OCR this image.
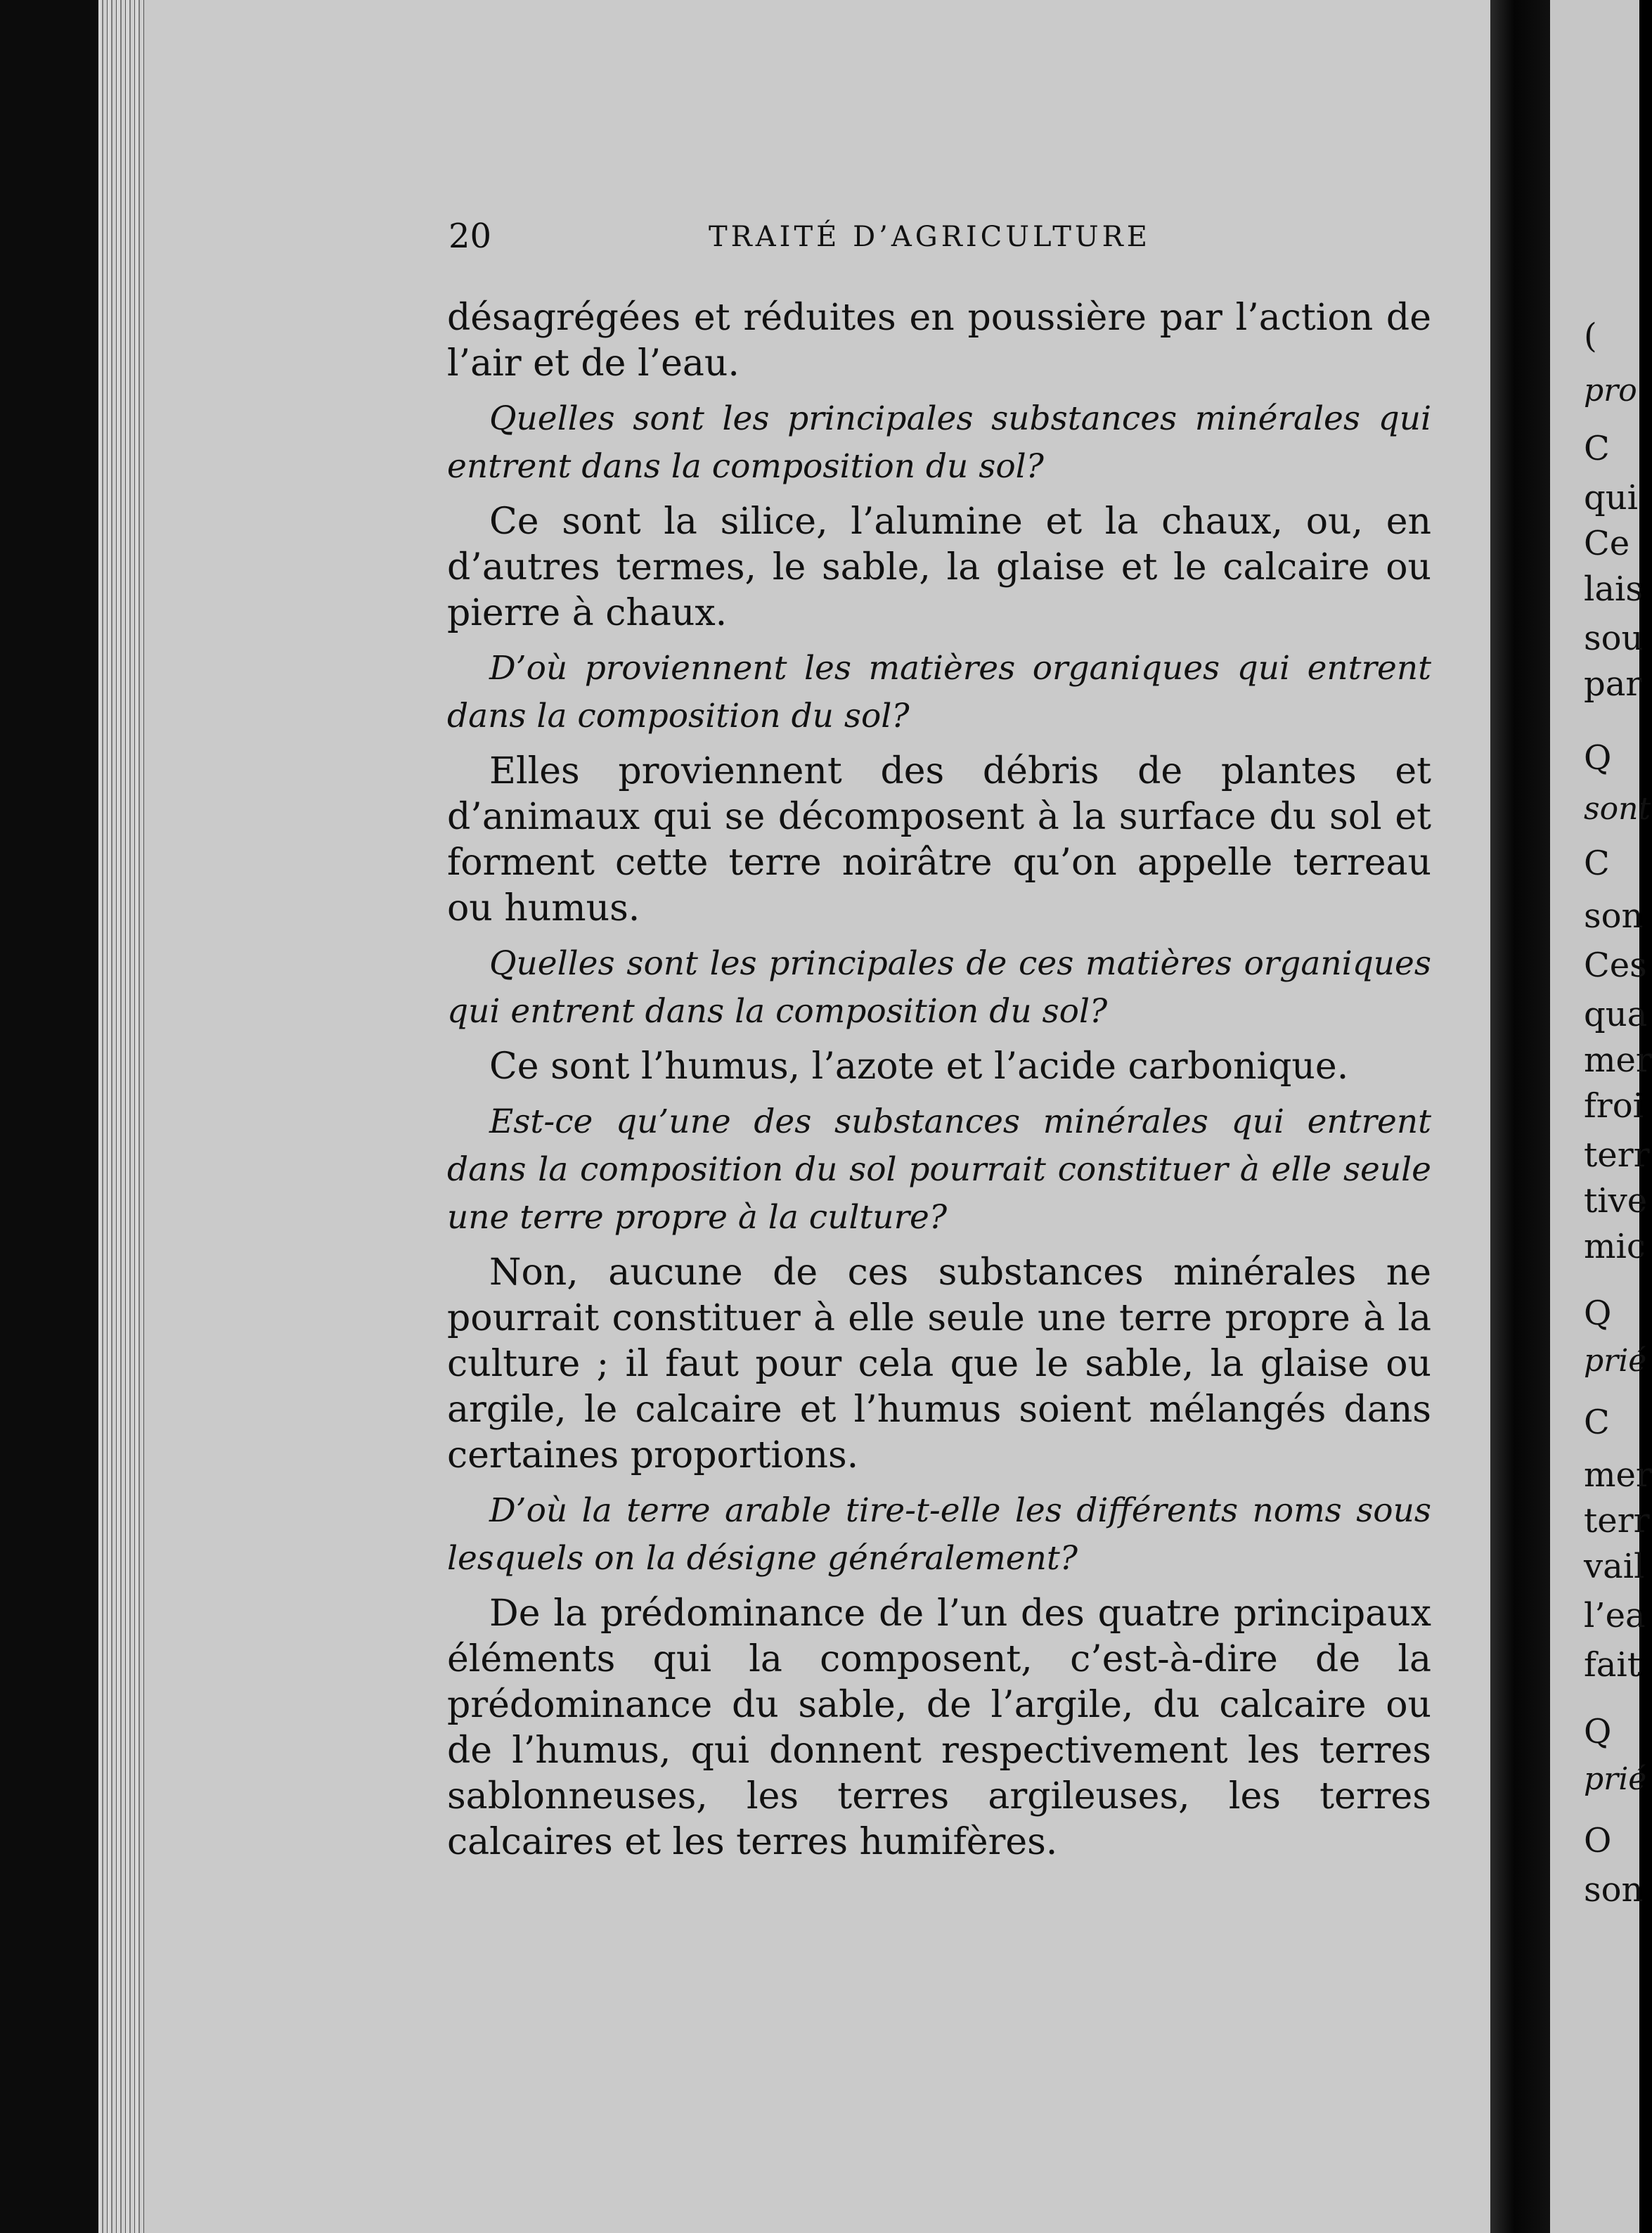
20	TRAITÉ D’AGRICULTURE

désagrégées et réduites en poussière par l’action de l’air et de l’eau.

Quelles sont les principales substances minérales qui entrent dans la composition du sol?

Ce sont la silice, l’alumine et la chaux, ou, en d’autres termes, le sable, la glaise et le calcaire ou pierre à chaux.

D’où proviennent les matières organiques qui entrent dans la composition du sol?

Elles proviennent des débris de plantes et d’animaux qui se décomposent à la surface du sol et forment cette terre noirâtre qu’on appelle terreau ou humus.

Quelles sont les principales de ces matières organiques qui entrent dans la composition du sol?

Ce sont l’humus, l’azote et l’acide carbonique.

Est-ce qu’une des substances minérales qui entrent dans la composition du sol pourrait constituer à elle seule une terre propre à la culture?

Non, aucune de ces substances minérales ne pourrait constituer à elle seule une terre propre à la culture ; il faut pour cela que le sable, la glaise ou argile, le calcaire et l’humus soient mélangés dans certaines proportions.

D’où la terre arable tire-t-elle les différents noms sous lesquels on la désigne généralement?

De la prédominance de l’un des quatre principaux éléments qui la composent, c’est-à-dire de la prédominance du sable, de l’argile, du calcaire ou de l’humus, qui donnent respectivement les terres sablonneuses, les terres argileuses, les terres calcaires et les terres humifères.

(
pro
C
qui
Ce
lais
sou
par
Q
sont
C
son
Ces
qua
mer
froi
terr
tive
mic
Q
prié
C
mer
terr
vail
l’ea
fait
Q
prié
O
son
